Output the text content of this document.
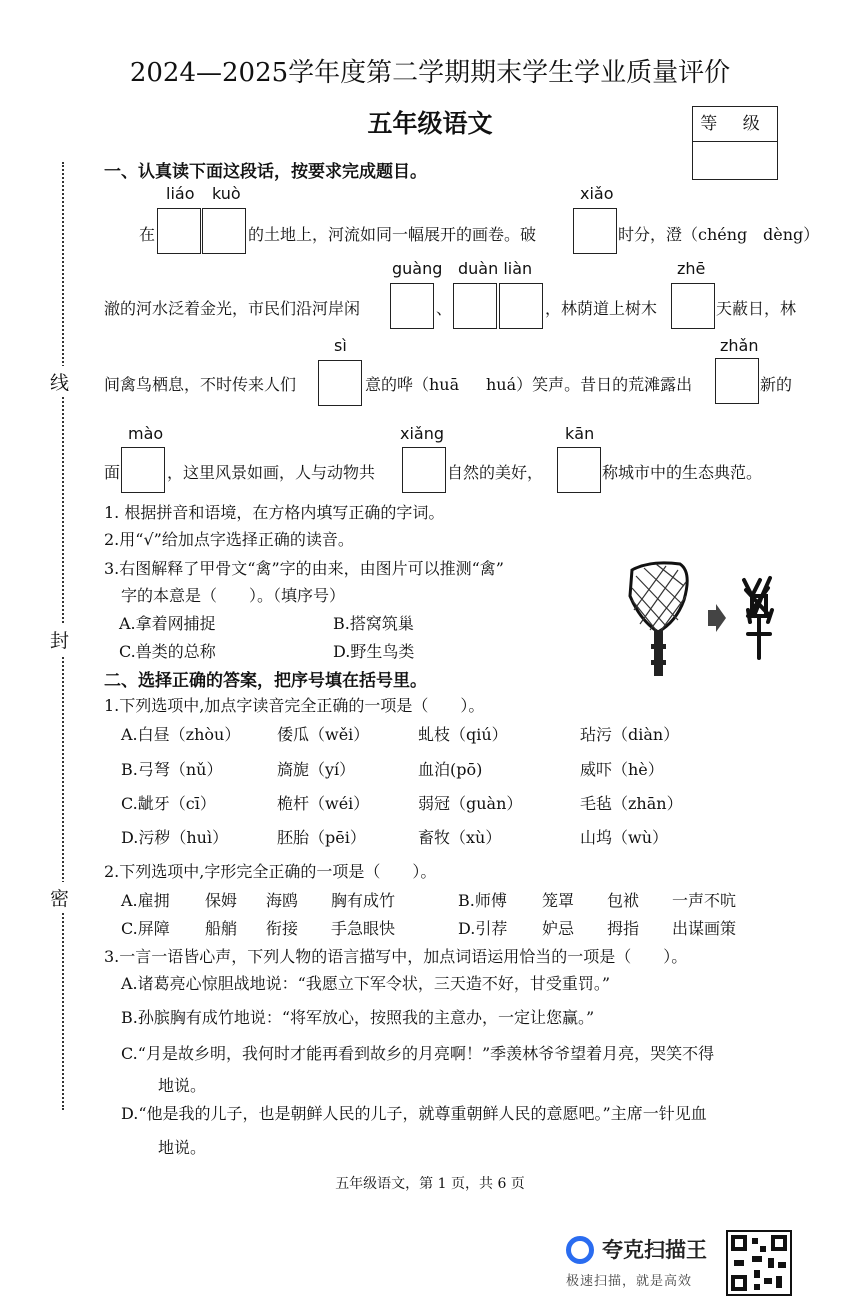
2024—2025学年度第二学期期末学生学业质量评价
五年级语文	等 级
线
封
密
一、认真读下面这段话，按要求完成题目。
liáo kuò	xiǎo
在	的土地上，河流如同一幅展开的画卷。破	时分，澄（chéng dèng）
guàng duàn liàn	zhē
澈的河水泛着金光，市民们沿河岸闲	、	，林荫道上树木	天蔽日，林
sì	zhǎn
间禽鸟栖息，不时传来人们	意的哗（huā huá）笑声。昔日的荒滩露出	新的
mào	xiǎng	kān
面	，这里风景如画，人与动物共	自然的美好，	称城市中的生态典范。
1. 根据拼音和语境，在方格内填写正确的字词。
2.用“√”给加点字选择正确的读音。
3.右图解释了甲骨文“禽”字的由来，由图片可以推测“禽”
字的本意是（　　）。（填序号）
A.拿着网捕捉	B.搭窝筑巢
C.兽类的总称	D.野生鸟类
二、选择正确的答案，把序号填在括号里。
1.下列选项中,加点字读音完全正确的一项是（　　）。
A.白昼（zhòu） 倭瓜（wěi）	虬枝（qiú）	玷污（diàn）
B.弓弩（nǔ）	旖旎（yí）	血泊(pō)	威吓（hè）
C.龇牙（cī）	桅杆（wéi）	弱冠（guàn）	毛毡（zhān）
D.污秽（huì）	胚胎（pēi）	畜牧（xù）	山坞（wù）
2.下列选项中,字形完全正确的一项是（　　）。
A.雇拥 保姆 海鸥 胸有成竹	B.师傅 笼罩 包袱 一声不吭
C.屏障 船艄 衔接 手急眼快	D.引荐 妒忌 拇指 出谋画策
3.一言一语皆心声，下列人物的语言描写中，加点词语运用恰当的一项是（　　）。
A.诸葛亮心惊胆战地说：“我愿立下军令状，三天造不好，甘受重罚。”
B.孙膑胸有成竹地说：“将军放心，按照我的主意办，一定让您赢。”
C.“月是故乡明，我何时才能再看到故乡的月亮啊！”季羡林爷爷望着月亮，哭笑不得
地说。
D.“他是我的儿子，也是朝鲜人民的儿子，就尊重朝鲜人民的意愿吧。”主席一针见血
地说。
五年级语文，第 1 页，共 6 页
夸克扫描王
极速扫描，就是高效
